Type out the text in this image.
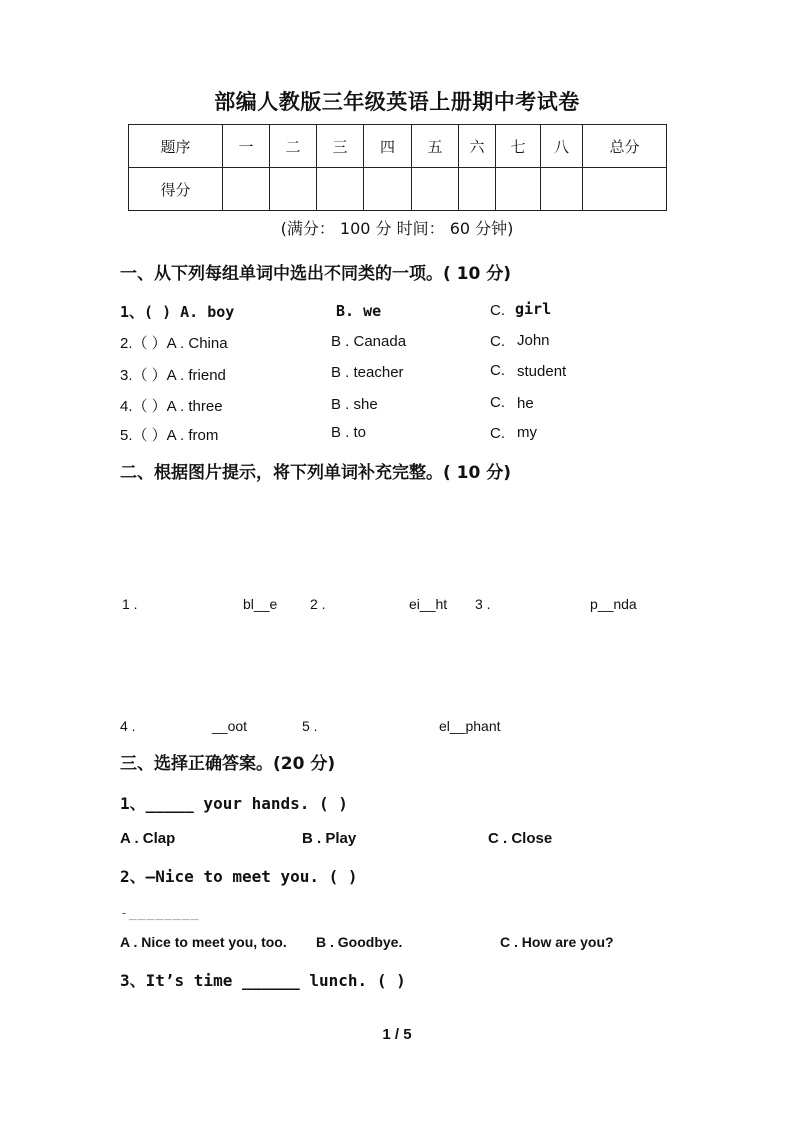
部编人教版三年级英语上册期中考试卷
题序	一	二	三	四	五	六	七	八	总分
得分									
(满分： 100 分 时间： 60 分钟)
一、从下列每组单词中选出不同类的一项。( 10 分)
1、( ) A. boy	B. we	C. girl
2.（ ）A . China	B . Canada	C. John
3.（ ）A . friend	B . teacher	C. student
4.（ ）A . three	B . she	C. he
5.（ ）A . from	B . to	C. my
二、根据图片提示，将下列单词补充完整。( 10 分)
1 .	bl__e 2 .	ei__ht 3 .	p__nda
4 .	__oot	5 .	el__phant
三、选择正确答案。(20 分)
1、_____ your hands. ( )
A . Clap	B . Play	C . Close
2、—Nice to meet you. ( )
-________
A . Nice to meet you, too. B . Goodbye.	C . How are you?
3、It’s time ______ lunch. ( )
1 / 5
